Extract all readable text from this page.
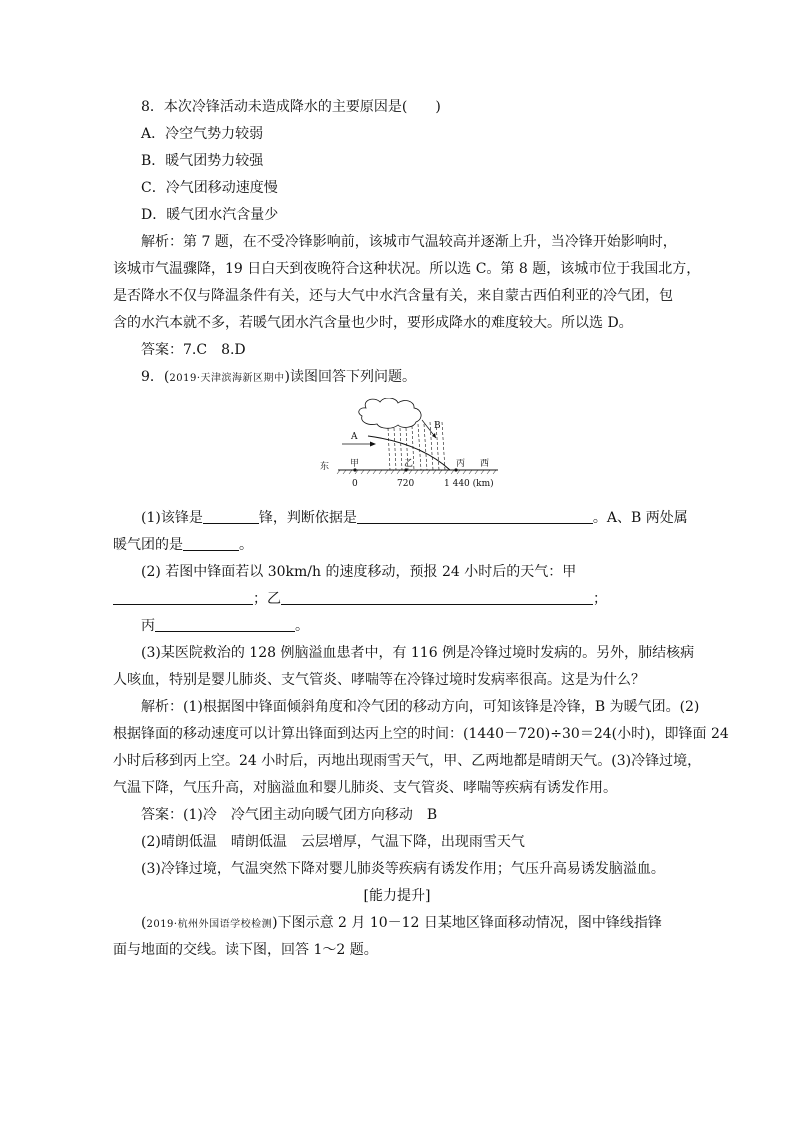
8．本次冷锋活动未造成降水的主要原因是(　　)
A．冷空气势力较弱
B．暖气团势力较强
C．冷气团移动速度慢
D．暖气团水汽含量少
解析：第 7 题，在不受冷锋影响前，该城市气温较高并逐渐上升，当冷锋开始影响时，
该城市气温骤降，19 日白天到夜晚符合这种状况。所以选 C。第 8 题，该城市位于我国北方，
是否降水不仅与降温条件有关，还与大气中水汽含量有关，来自蒙古西伯利亚的冷气团，包
含的水汽本就不多，若暖气团水汽含量也少时，要形成降水的难度较大。所以选 D。
答案：7.C　8.D
9．(2019·天津滨海新区期中)读图回答下列问题。
B
A
东 甲	乙	丙 西
0	720	1 440 (km)
(1)该锋是	锋，判断依据是	。A、B 两处属
暖气团的是	。
(2) 若图中锋面若以 30km/h 的速度移动，预报 24 小时后的天气：甲
；乙	；
丙	。
(3)某医院救治的 128 例脑溢血患者中，有 116 例是冷锋过境时发病的。另外，肺结核病
人咳血，特别是婴儿肺炎、支气管炎、哮喘等在冷锋过境时发病率很高。这是为什么？
解析：(1)根据图中锋面倾斜角度和冷气团的移动方向，可知该锋是冷锋，B 为暖气团。(2)
根据锋面的移动速度可以计算出锋面到达丙上空的时间：(1440－720)÷30＝24(小时)，即锋面 24
小时后移到丙上空。24 小时后，丙地出现雨雪天气，甲、乙两地都是晴朗天气。(3)冷锋过境，
气温下降，气压升高，对脑溢血和婴儿肺炎、支气管炎、哮喘等疾病有诱发作用。
答案：(1)冷　冷气团主动向暖气团方向移动　B
(2)晴朗低温　晴朗低温　云层增厚，气温下降，出现雨雪天气
(3)冷锋过境，气温突然下降对婴儿肺炎等疾病有诱发作用；气压升高易诱发脑溢血。
[能力提升]
(2019·杭州外国语学校检测)下图示意 2 月 10－12 日某地区锋面移动情况，图中锋线指锋
面与地面的交线。读下图，回答 1～2 题。
